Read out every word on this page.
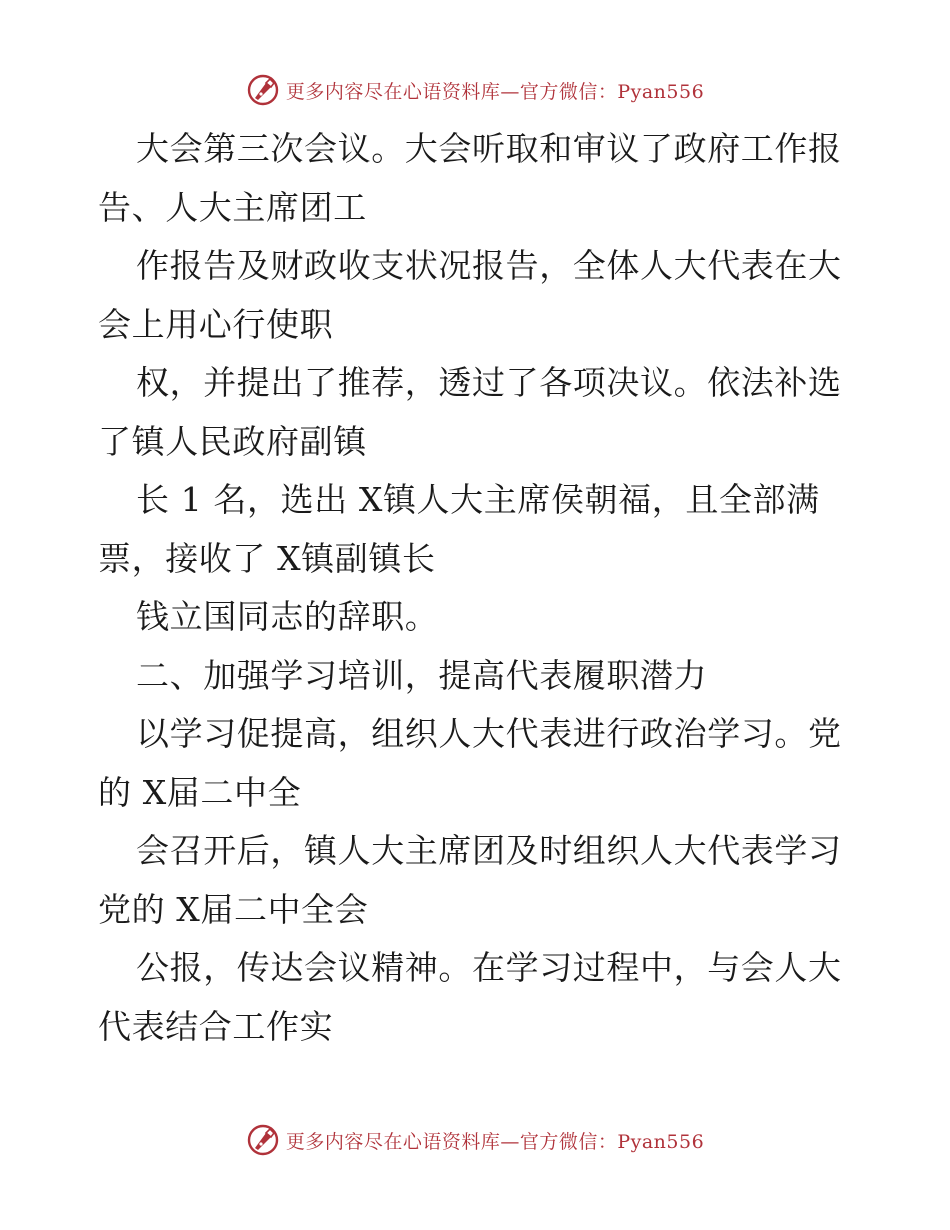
更多内容尽在心语资料库—官方微信：Pyan556
大会第三次会议。大会听取和审议了政府工作报
告、人大主席团工
作报告及财政收支状况报告，全体人大代表在大
会上用心行使职
权，并提出了推荐，透过了各项决议。依法补选
了镇人民政府副镇
长 1 名，选出 X镇人大主席侯朝福，且全部满
票，接收了 X镇副镇长
钱立国同志的辞职。
二、加强学习培训，提高代表履职潜力
以学习促提高，组织人大代表进行政治学习。党
的 X届二中全
会召开后，镇人大主席团及时组织人大代表学习
党的 X届二中全会
公报，传达会议精神。在学习过程中，与会人大
代表结合工作实
更多内容尽在心语资料库—官方微信：Pyan556
